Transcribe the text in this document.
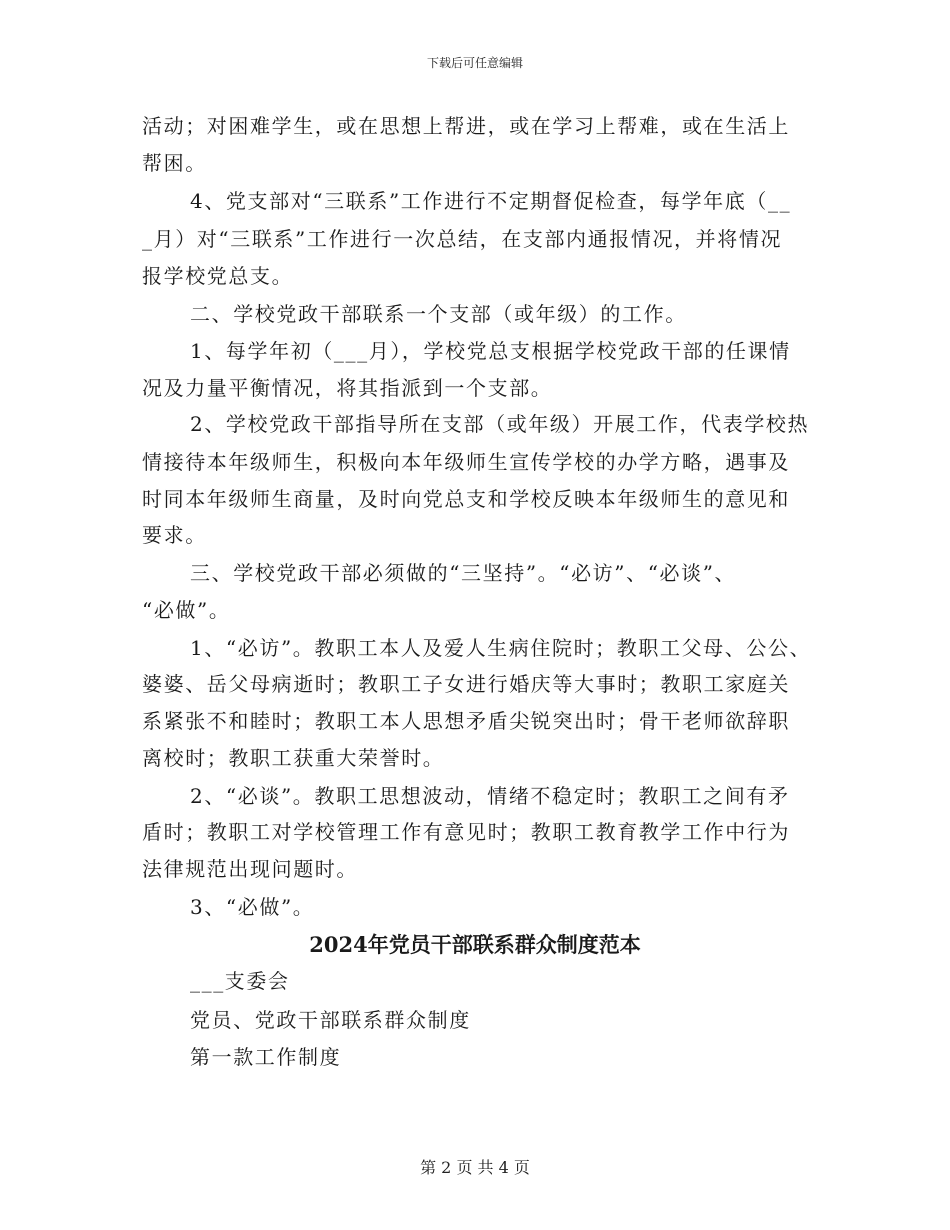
下载后可任意编辑
活动；对困难学生，或在思想上帮进，或在学习上帮难，或在生活上
帮困。
4、党支部对“三联系”工作进行不定期督促检查，每学年底（__
_月）对“三联系”工作进行一次总结，在支部内通报情况，并将情况
报学校党总支。
二、学校党政干部联系一个支部（或年级）的工作。
1、每学年初（___月），学校党总支根据学校党政干部的任课情
况及力量平衡情况，将其指派到一个支部。
2、学校党政干部指导所在支部（或年级）开展工作，代表学校热
情接待本年级师生，积极向本年级师生宣传学校的办学方略，遇事及
时同本年级师生商量，及时向党总支和学校反映本年级师生的意见和
要求。
三、学校党政干部必须做的“三坚持”。“必访”、“必谈”、
“必做”。
1、“必访”。教职工本人及爱人生病住院时；教职工父母、公公、
婆婆、岳父母病逝时；教职工子女进行婚庆等大事时；教职工家庭关
系紧张不和睦时；教职工本人思想矛盾尖锐突出时；骨干老师欲辞职
离校时；教职工获重大荣誉时。
2、“必谈”。教职工思想波动，情绪不稳定时；教职工之间有矛
盾时；教职工对学校管理工作有意见时；教职工教育教学工作中行为
法律规范出现问题时。
3、“必做”。
2024年党员干部联系群众制度范本
___支委会
党员、党政干部联系群众制度
第一款工作制度
第 2 页 共 4 页
